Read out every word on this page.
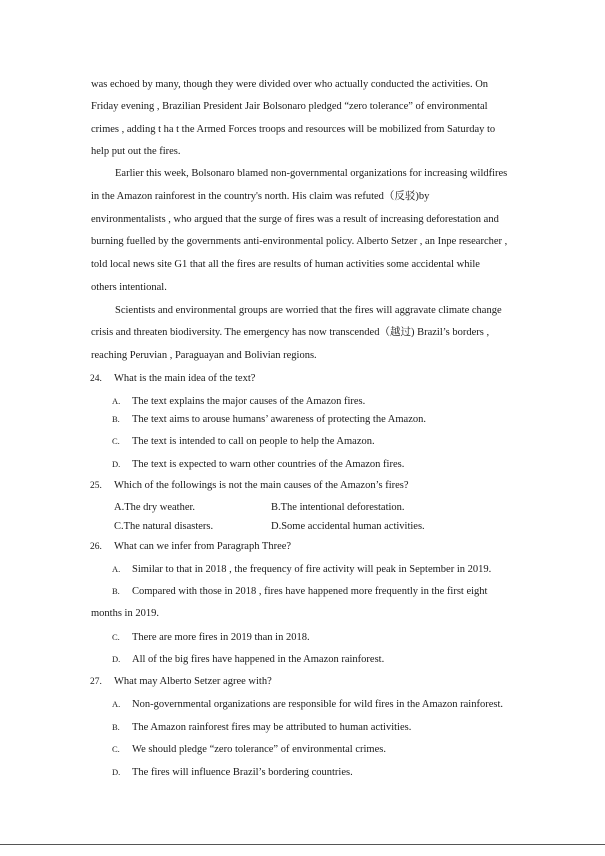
was echoed by many, though they were divided over who actually conducted the activities. On
Friday evening , Brazilian President Jair Bolsonaro pledged “zero tolerance” of environmental
crimes , adding t ha t the Armed Forces troops and resources will be mobilized from Saturday to
help put out the fires.
Earlier this week, Bolsonaro blamed non-governmental organizations for increasing wildfires
in the Amazon rainforest in the country's north. His claim was refuted（反驳)by
environmentalists , who argued that the surge of fires was a result of increasing deforestation and
burning fuelled by the governments anti-environmental policy. Alberto Setzer , an Inpe researcher ,
told local news site G1 that all the fires are results of human activities some accidental while
others intentional.
Scientists and environmental groups are worried that the fires will aggravate climate change
crisis and threaten biodiversity. The emergency has now transcended（越过) Brazil’s borders ,
reaching Peruvian , Paraguayan and Bolivian regions.
24. What is the main idea of the text?
A. The text explains the major causes of the Amazon fires.
B. The text aims to arouse humans’ awareness of protecting the Amazon.
C. The text is intended to call on people to help the Amazon.
D. The text is expected to warn other countries of the Amazon fires.
25. Which of the followings is not the main causes of the Amazon’s fires?
A.The dry weather.	B.The intentional deforestation.
C.The natural disasters.	D.Some accidental human activities.
26. What can we infer from Paragraph Three?
A. Similar to that in 2018 , the frequency of fire activity will peak in September in 2019.
B. Compared with those in 2018 , fires have happened more frequently in the first eight
months in 2019.
C. There are more fires in 2019 than in 2018.
D. All of the big fires have happened in the Amazon rainforest.
27. What may Alberto Setzer agree with?
A. Non-governmental organizations are responsible for wild fires in the Amazon rainforest.
B. The Amazon rainforest fires may be attributed to human activities.
C. We should pledge “zero tolerance” of environmental crimes.
D. The fires will influence Brazil’s bordering countries.
